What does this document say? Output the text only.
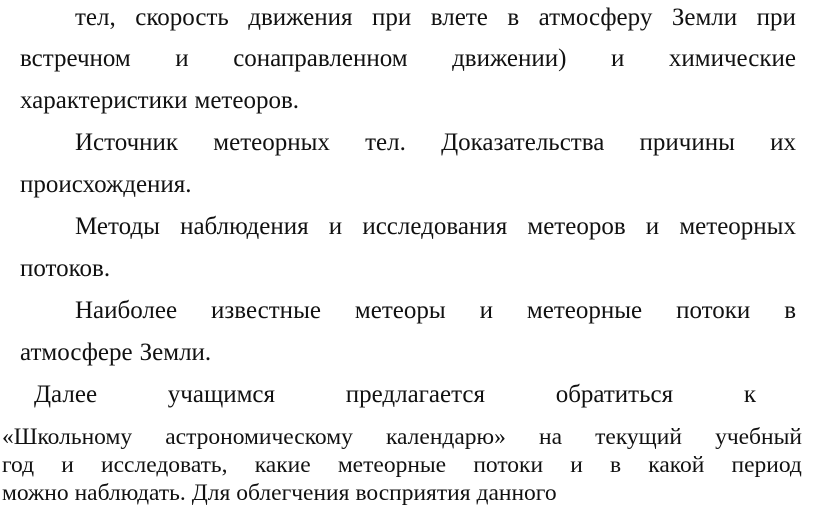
тел, скорость движения при влете в атмосферу Земли при
встречном и сонаправленном движении) и химические
характеристики метеоров.
Источник метеорных тел. Доказательства причины их
происхождения.
Методы наблюдения и исследования метеоров и метеорных
потоков.
Наиболее известные метеоры и метеорные потоки в
атмосфере Земли.
Далее	учащимся	предлагается	обратиться	к
«Школьному астрономическому календарю» на текущий учебный
год и исследовать, какие метеорные потоки и в какой период
можно наблюдать. Для облегчения восприятия данного
